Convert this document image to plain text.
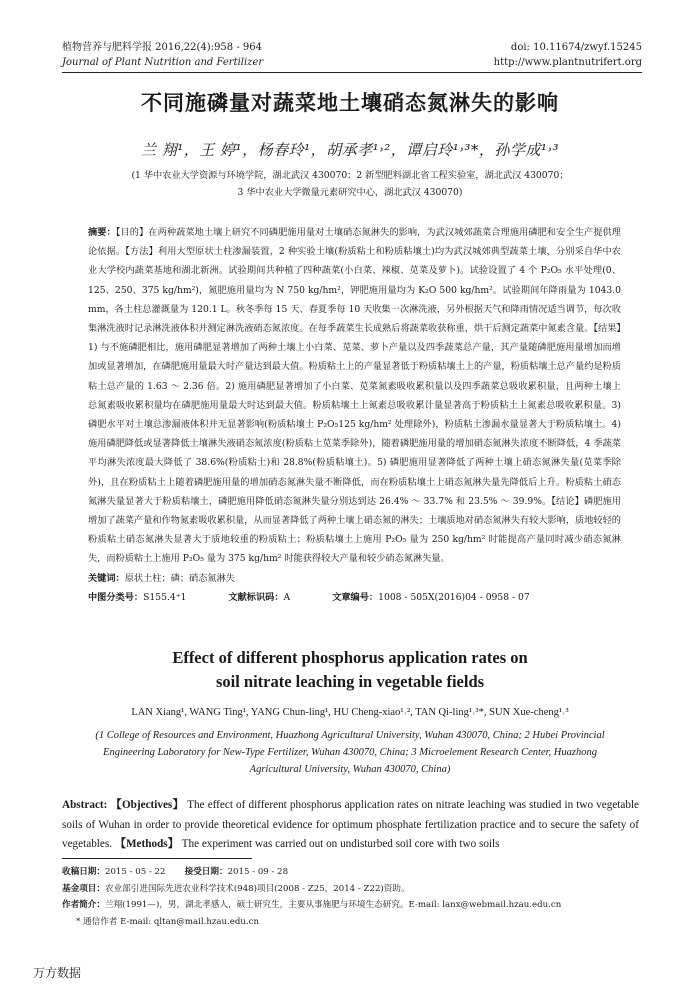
植物营养与肥料学报 2016,22(4):958 - 964
Journal of Plant Nutrition and Fertilizer
doi: 10.11674/zwyf.15245
http://www.plantnutrifert.org
不同施磷量对蔬菜地土壤硝态氮淋失的影响
兰 翔¹，王 婷¹，杨春玲¹，胡承孝¹˒²，谭启玲¹˒³*，孙学成¹˒³
(1 华中农业大学资源与环境学院，湖北武汉 430070；2 新型肥料湖北省工程实验室，湖北武汉 430070；
3 华中农业大学微量元素研究中心，湖北武汉 430070)
摘要：【目的】在两种蔬菜地土壤上研究不同磷肥施用量对土壤硝态氮淋失的影响，为武汉城郊蔬菜合理施用磷肥和安全生产提供理论依据。【方法】利用大型原状土柱渗漏装置，2 种实验土壤(粉质粘土和粉质粘壤土)均为武汉城郊典型蔬菜土壤，分别采自华中农业大学校内蔬菜基地和湖北新洲。试验期间共种植了四种蔬菜(小白菜、辣椒、苋菜及萝卜)。试验设置了 4 个 P₂O₅ 水平处理(0、125、250、375 kg/hm²)，氮肥施用量均为 N 750 kg/hm²，钾肥施用量均为 K₂O 500 kg/hm²。试验期间年降雨量为 1043.0 mm，各土柱总灌溉量为 120.1 L。秋冬季每 15 天、春夏季每 10 天收集一次淋洗液，另外根据天气和降雨情况适当调节，每次收集淋洗液时记录淋洗液体积并测定淋洗液硝态氮浓度。在每季蔬菜生长成熟后将蔬菜收获称重，烘干后测定蔬菜中氮素含量。【结果】1) 与不施磷肥相比，施用磷肥显著增加了两种土壤上小白菜、苋菜、萝卜产量以及四季蔬菜总产量，其产量随磷肥施用量增加而增加或显著增加，在磷肥施用量最大时产量达到最大值。粉质粘土上的产量显著低于粉质粘壤土上的产量，粉质粘壤土总产量约是粉质粘土总产量的 1.63 ～ 2.36 倍。2) 施用磷肥显著增加了小白菜、苋菜氮素吸收累积量以及四季蔬菜总吸收累积量，且两种土壤上总氮素吸收累积量均在磷肥施用量最大时达到最大值。粉质粘壤土上氮素总吸收累计量显著高于粉质粘土上氮素总吸收累积量。3) 磷肥水平对土壤总渗漏液体积并无显著影响(粉质粘壤土 P₂O₅125 kg/hm² 处理除外)，粉质粘土渗漏水量显著大于粉质粘壤土。4) 施用磷肥降低或显著降低土壤淋失液硝态氮浓度(粉质粘土苋菜季除外)，随着磷肥施用量的增加硝态氮淋失浓度不断降低，4 季蔬菜平均淋失浓度最大降低了 38.6%(粉质粘土)和 28.8%(粉质粘壤土)。5) 磷肥施用显著降低了两种土壤上硝态氮淋失量(苋菜季除外)，且在粉质粘土上随着磷肥施用量的增加硝态氮淋失量不断降低，而在粉质粘壤土上硝态氮淋失量先降低后上升。粉质粘土硝态氮淋失量显著大于粉质粘壤土，磷肥施用降低硝态氮淋失量分别达到达 26.4% ～ 33.7% 和 23.5% ～ 39.9%。【结论】磷肥施用增加了蔬菜产量和作物氮素吸收累积量，从而显著降低了两种土壤上硝态氮的淋失；土壤质地对硝态氮淋失有较大影响，质地较轻的粉质粘土硝态氮淋失显著大于质地较重的粉质粘土；粉质粘壤土上施用 P₂O₅ 量为 250 kg/hm² 时能提高产量同时减少硝态氮淋失，而粉质粘土上施用 P₂O₅ 量为 375 kg/hm² 时能获得较大产量和较少硝态氮淋失量。
关键词：原状土柱；磷；硝态氮淋失
中图分类号：S155.4⁺1	文献标识码：A	文章编号：1008 - 505X(2016)04 - 0958 - 07
Effect of different phosphorus application rates on
soil nitrate leaching in vegetable fields
LAN Xiang¹, WANG Ting¹, YANG Chun-ling¹, HU Cheng-xiao¹˒², TAN Qi-ling¹˒³*, SUN Xue-cheng¹˒³
(1 College of Resources and Environment, Huazhong Agricultural University, Wuhan 430070, China; 2 Hubei Provincial
Engineering Laboratory for New-Type Fertilizer, Wuhan 430070, China; 3 Microelement Research Center, Huazhong
Agricultural University, Wuhan 430070, China)
Abstract: 【Objectives】 The effect of different phosphorus application rates on nitrate leaching was studied in two vegetable soils of Wuhan in order to provide theoretical evidence for optimum phosphate fertilization practice and to secure the safety of vegetables. 【Methods】 The experiment was carried out on undisturbed soil core with two soils
收稿日期：2015 - 05 - 22 接受日期：2015 - 09 - 28
基金项目：农业部引进国际先进农业科学技术(948)项目(2008 - Z25，2014 - Z22)资助。
作者简介：兰翔(1991—)，男，湖北孝感人，硕士研究生，主要从事施肥与环境生态研究。E-mail: lanx@webmail.hzau.edu.cn
* 通信作者 E-mail: qltan@mail.hzau.edu.cn
万方数据
